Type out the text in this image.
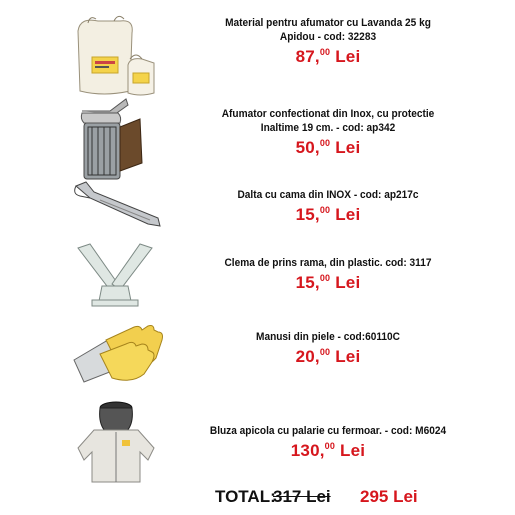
Material pentru afumator cu Lavanda 25 kg
Apidou - cod: 32283
87,00 Lei
Afumator confectionat din Inox, cu protectie
Inaltime 19 cm. - cod: ap342
50,00 Lei
Dalta cu cama din INOX - cod: ap217c
15,00 Lei
Clema de prins rama, din plastic. cod: 3117
15,00 Lei
Manusi din piele - cod:60110C
20,00 Lei
Bluza apicola cu palarie cu fermoar. - cod: M6024
130,00 Lei
TOTAL:
317 Lei 295 Lei
